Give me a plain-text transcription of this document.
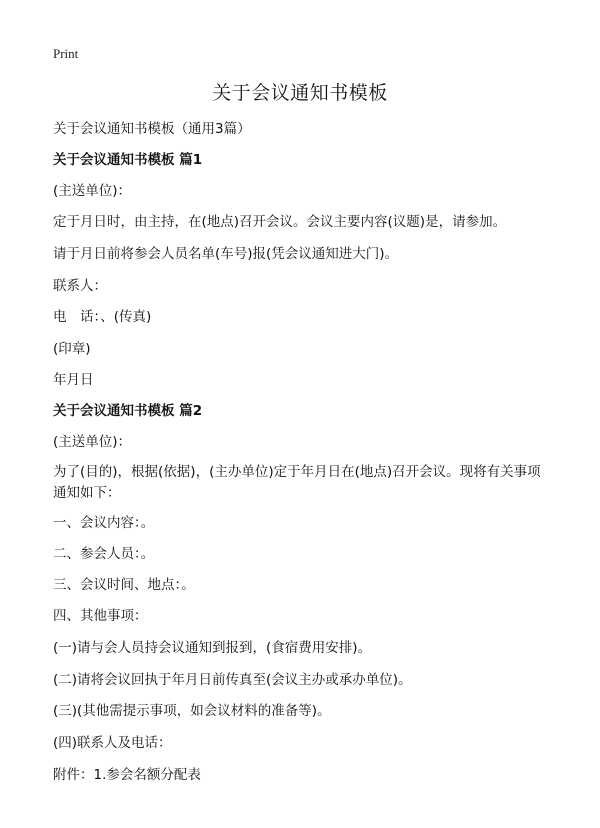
Print
关于会议通知书模板
关于会议通知书模板（通用3篇）
关于会议通知书模板 篇1
(主送单位)：
定于月日时，由主持，在(地点)召开会议。会议主要内容(议题)是，请参加。
请于月日前将参会人员名单(车号)报(凭会议通知进大门)。
联系人：
电　话：、(传真)
(印章)
年月日
关于会议通知书模板 篇2
(主送单位)：
为了(目的)，根据(依据)，(主办单位)定于年月日在(地点)召开会议。现将有关事项通知如下：
一、会议内容：。
二、参会人员：。
三、会议时间、地点：。
四、其他事项：
(一)请与会人员持会议通知到报到，(食宿费用安排)。
(二)请将会议回执于年月日前传真至(会议主办或承办单位)。
(三)(其他需提示事项，如会议材料的准备等)。
(四)联系人及电话：
附件：1.参会名额分配表
